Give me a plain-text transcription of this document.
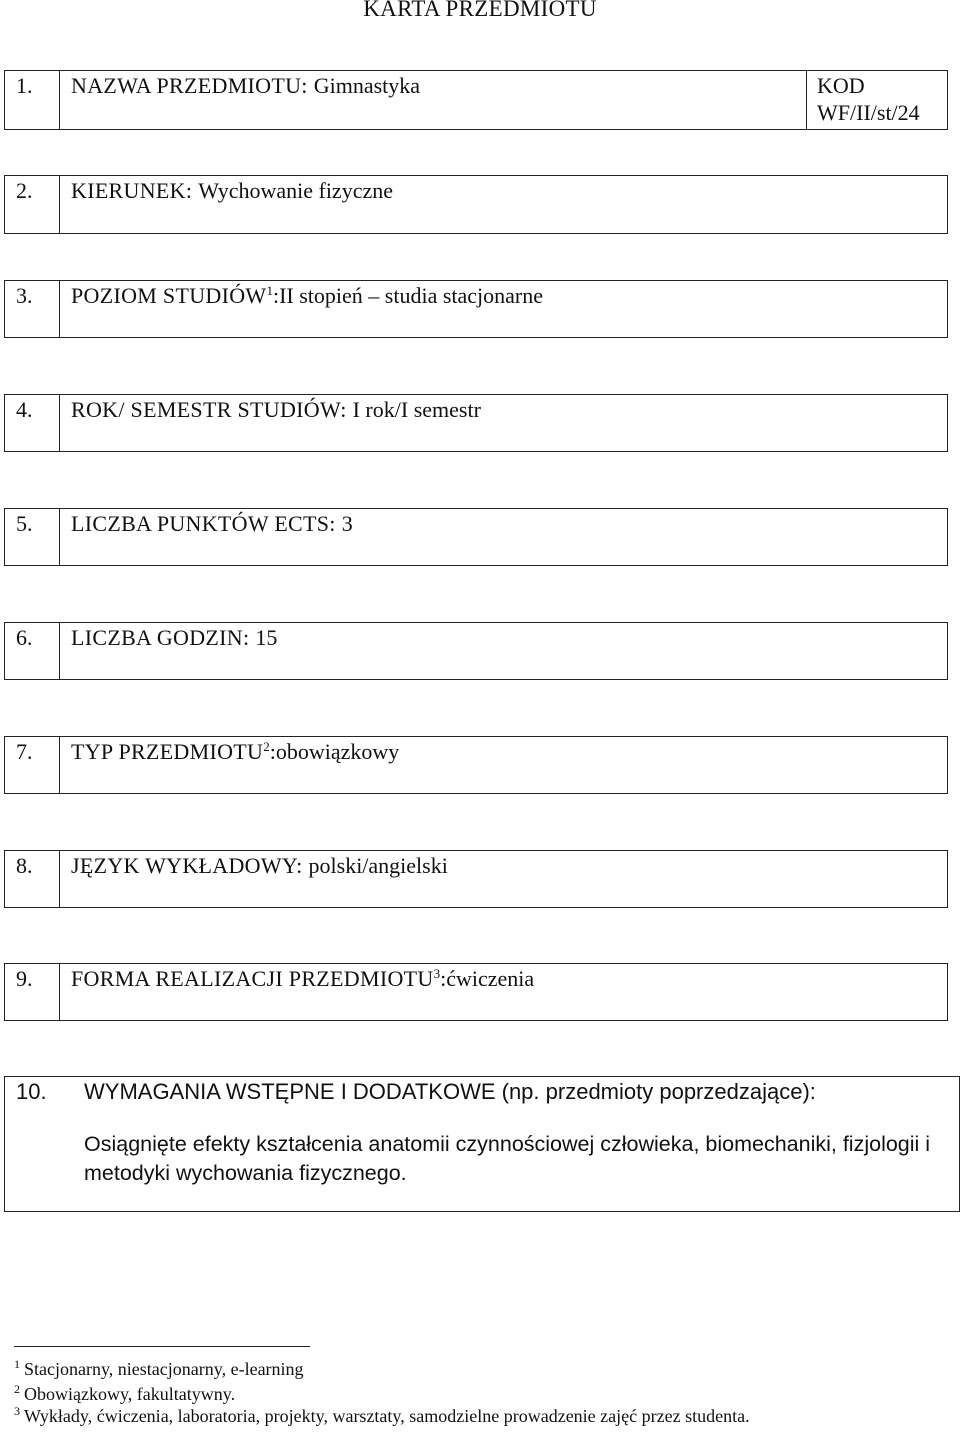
KARTA PRZEDMIOTU
1. NAZWA PRZEDMIOTU: Gimnastyka	KOD
WF/II/st/24
2. KIERUNEK: Wychowanie fizyczne
3. POZIOM STUDIÓW$^1$:II stopień – studia stacjonarne
4. ROK/ SEMESTR STUDIÓW: I rok/I semestr
5. LICZBA PUNKTÓW ECTS: 3
6. LICZBA GODZIN: 15
7. TYP PRZEDMIOTU$^2$:obowiązkowy
8. JĘZYK WYKŁADOWY: polski/angielski
9. FORMA REALIZACJI PRZEDMIOTU$^3$:ćwiczenia
10. WYMAGANIA WSTĘPNE I DODATKOWE (np. przedmioty poprzedzające):
Osiągnięte efekty kształcenia anatomii czynnościowej człowieka, biomechaniki, fizjologii i metodyki wychowania fizycznego.
$^1$ Stacjonarny, niestacjonarny, e-learning
$^2$ Obowiązkowy, fakultatywny.
$^3$ Wykłady, ćwiczenia, laboratoria, projekty, warsztaty, samodzielne prowadzenie zajęć przez studenta.
